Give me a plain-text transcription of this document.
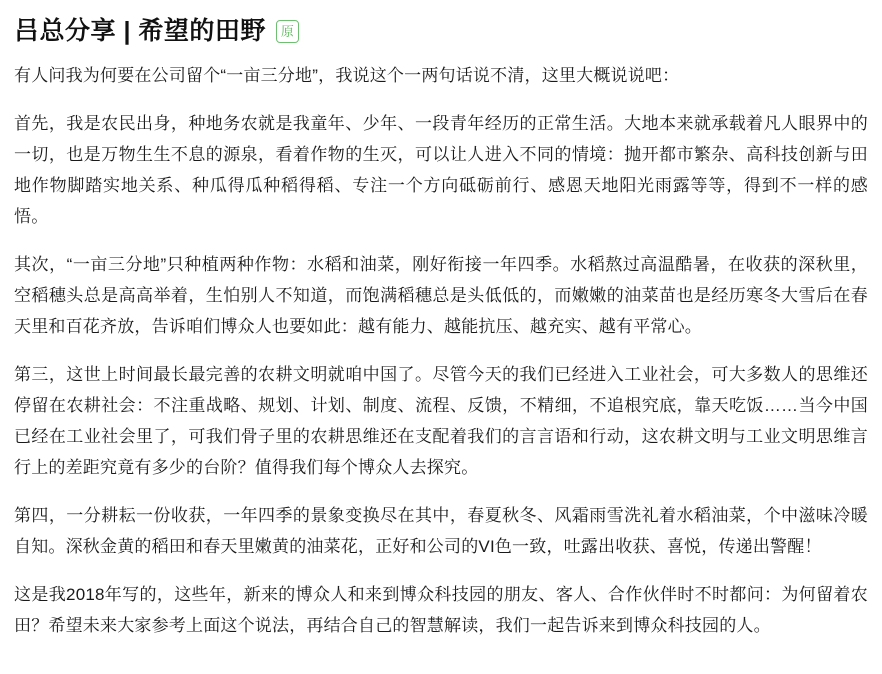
吕总分享 | 希望的田野	原

有人问我为何要在公司留个“一亩三分地”，我说这个一两句话说不清，这里大概说说吧：

首先，我是农民出身，种地务农就是我童年、少年、一段青年经历的正常生活。大地本来就承载着凡人眼界中的一切，也是万物生生不息的源泉，看着作物的生灭，可以让人进入不同的情境：抛开都市繁杂、高科技创新与田地作物脚踏实地关系、种瓜得瓜种稻得稻、专注一个方向砥砺前行、感恩天地阳光雨露等等，得到不一样的感悟。

其次，“一亩三分地”只种植两种作物：水稻和油菜，刚好衔接一年四季。水稻熬过高温酷暑，在收获的深秋里，空稻穗头总是高高举着，生怕别人不知道，而饱满稻穗总是头低低的，而嫩嫩的油菜苗也是经历寒冬大雪后在春天里和百花齐放，告诉咱们博众人也要如此：越有能力、越能抗压、越充实、越有平常心。

第三，这世上时间最长最完善的农耕文明就咱中国了。尽管今天的我们已经进入工业社会，可大多数人的思维还停留在农耕社会：不注重战略、规划、计划、制度、流程、反馈，不精细，不追根究底，靠天吃饭……当今中国已经在工业社会里了，可我们骨子里的农耕思维还在支配着我们的言言语和行动，这农耕文明与工业文明思维言行上的差距究竟有多少的台阶？值得我们每个博众人去探究。

第四，一分耕耘一份收获，一年四季的景象变换尽在其中，春夏秋冬、风霜雨雪洗礼着水稻油菜，个中滋味冷暖自知。深秋金黄的稻田和春天里嫩黄的油菜花，正好和公司的VI色一致，吐露出收获、喜悦，传递出警醒！

这是我2018年写的，这些年，新来的博众人和来到博众科技园的朋友、客人、合作伙伴时不时都问：为何留着农田？希望未来大家参考上面这个说法，再结合自己的智慧解读，我们一起告诉来到博众科技园的人。
